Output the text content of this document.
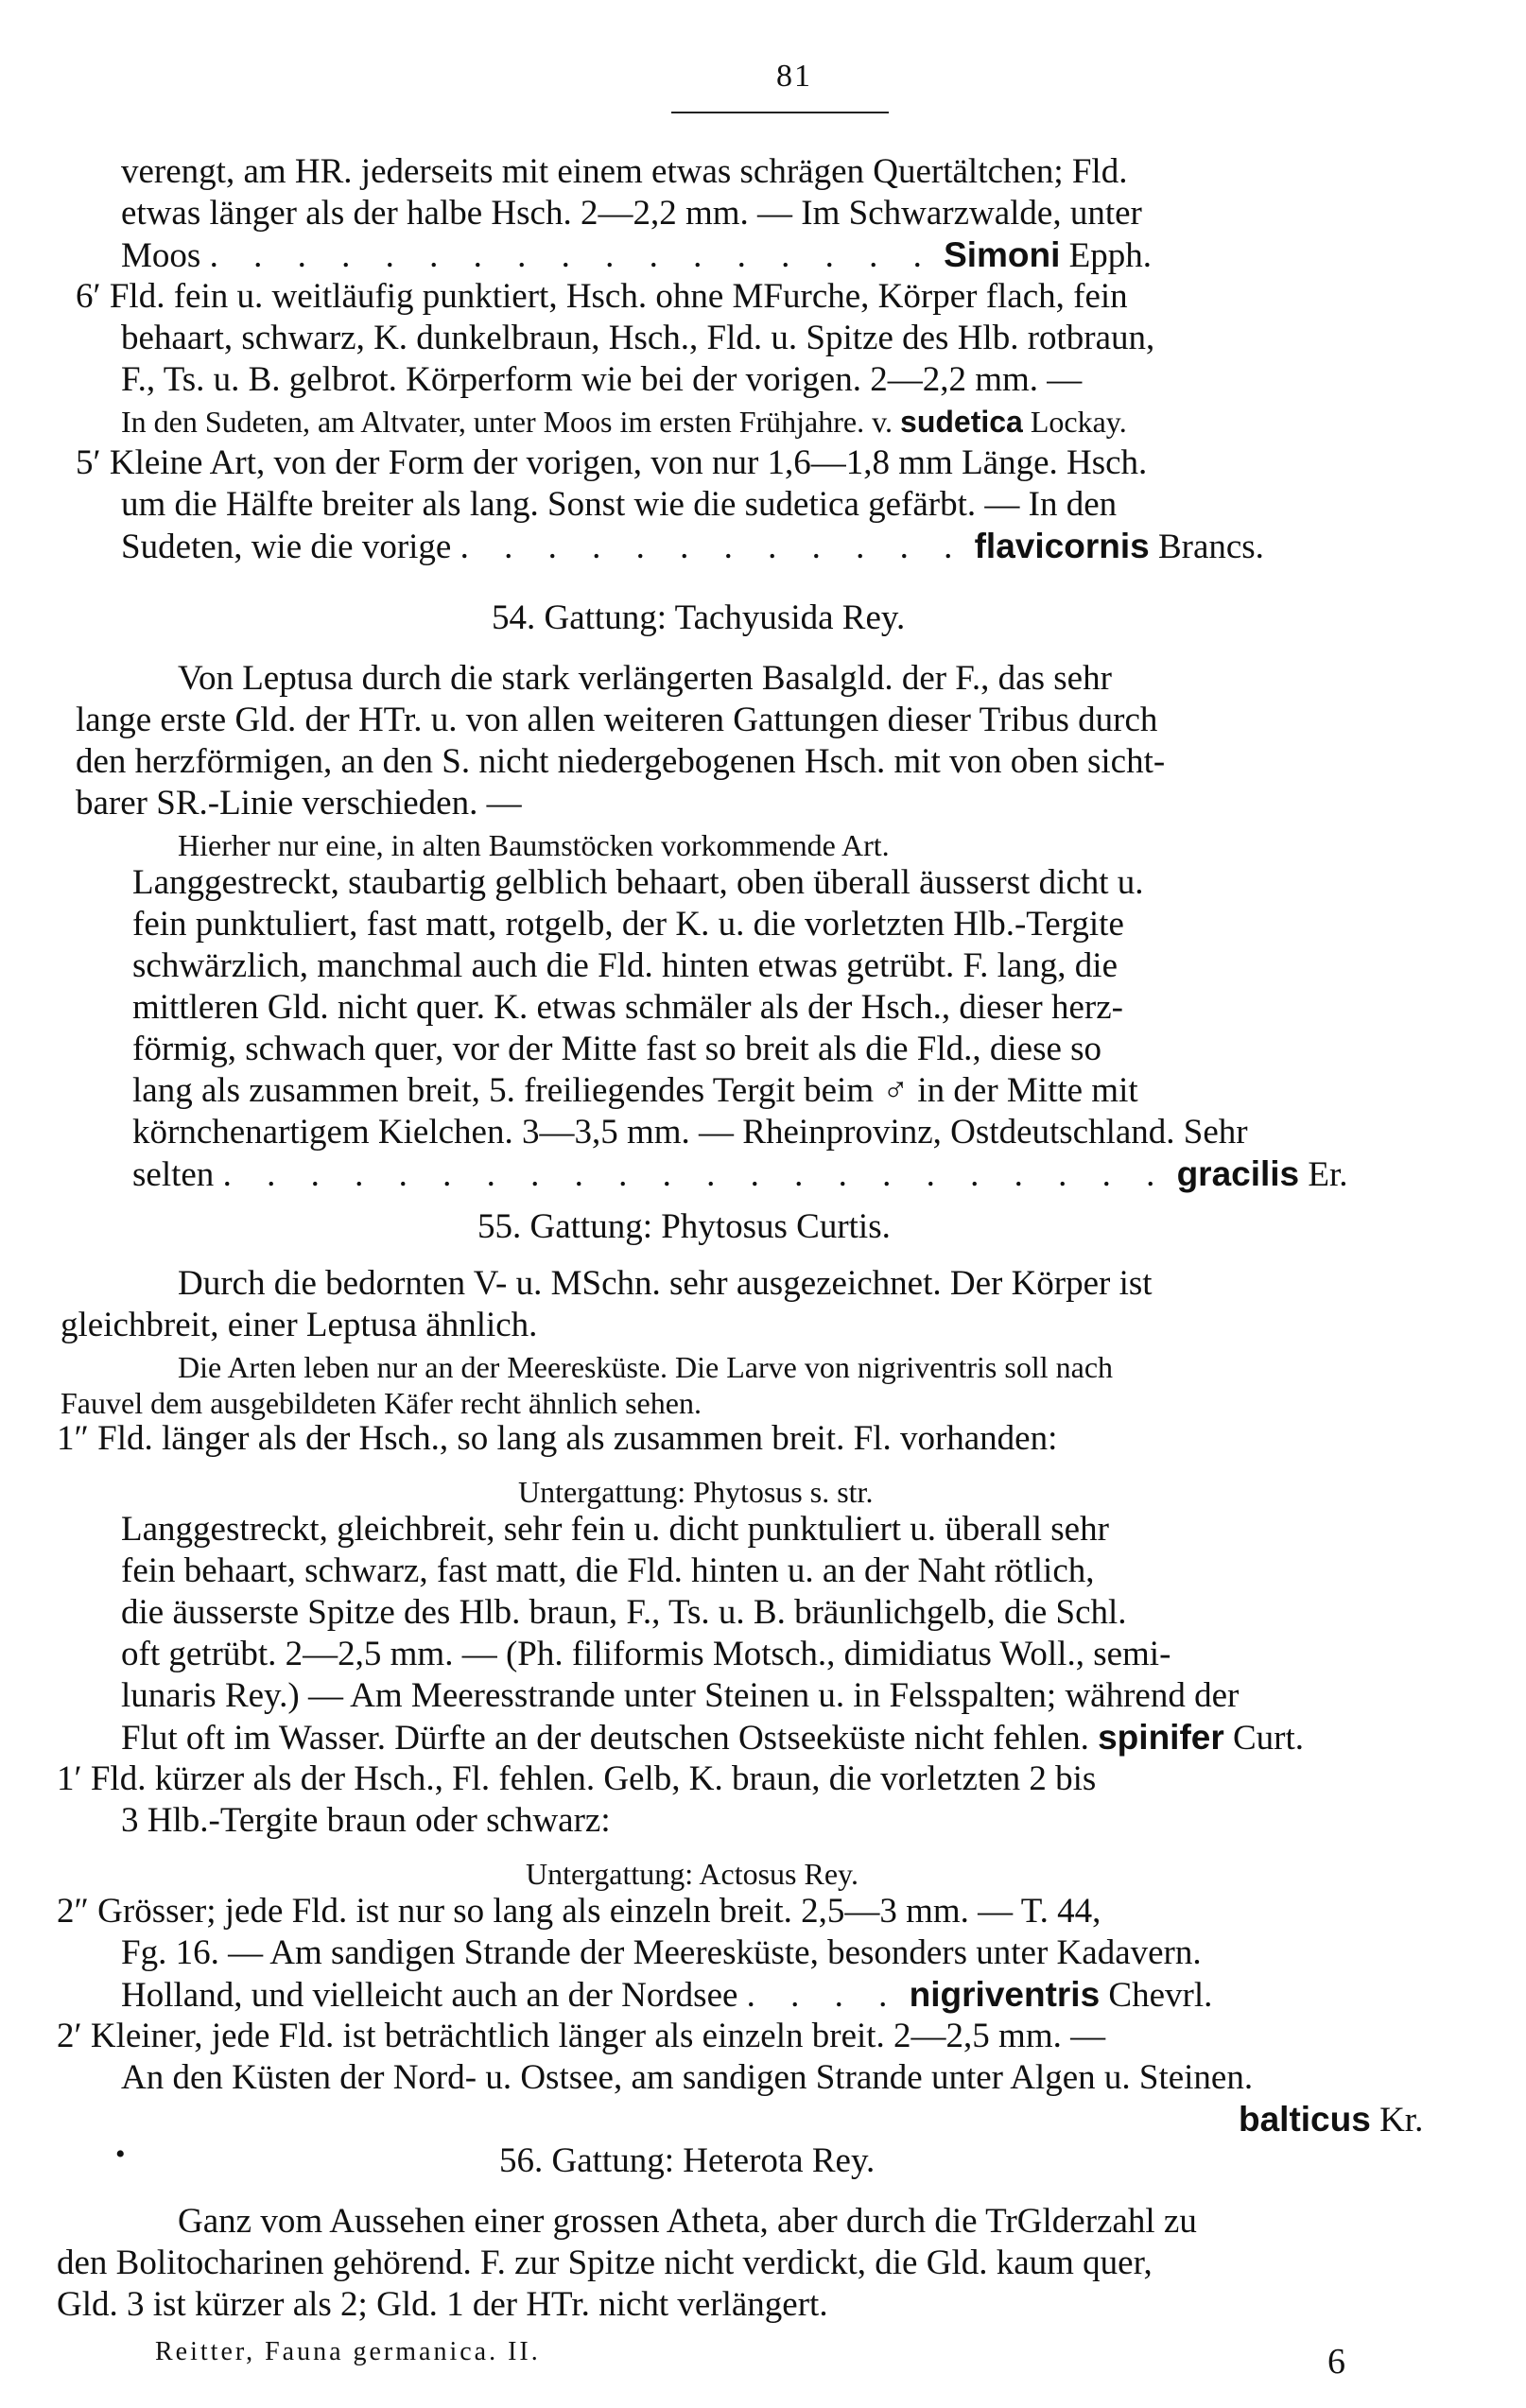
81
verengt, am HR. jederseits mit einem etwas schrägen Quertältchen; Fld.
etwas länger als der halbe Hsch. 2—2,2 mm. — Im Schwarzwalde, unter
Moos . . . . . . . . . . . . . . . . . Simoni Epph.
6′ Fld. fein u. weitläufig punktiert, Hsch. ohne MFurche, Körper flach, fein
behaart, schwarz, K. dunkelbraun, Hsch., Fld. u. Spitze des Hlb. rotbraun,
F., Ts. u. B. gelbrot. Körperform wie bei der vorigen. 2—2,2 mm. —
In den Sudeten, am Altvater, unter Moos im ersten Frühjahre. v. sudetica Lockay.
5′ Kleine Art, von der Form der vorigen, von nur 1,6—1,8 mm Länge. Hsch.
um die Hälfte breiter als lang. Sonst wie die sudetica gefärbt. — In den
Sudeten, wie die vorige . . . . . . . . . . . . flavicornis Brancs.
54. Gattung: Tachyusida Rey.
Von Leptusa durch die stark verlängerten Basalgld. der F., das sehr
lange erste Gld. der HTr. u. von allen weiteren Gattungen dieser Tribus durch
den herzförmigen, an den S. nicht niedergebogenen Hsch. mit von oben sicht-
barer SR.-Linie verschieden. —
Hierher nur eine, in alten Baumstöcken vorkommende Art.
Langgestreckt, staubartig gelblich behaart, oben überall äusserst dicht u.
fein punktuliert, fast matt, rotgelb, der K. u. die vorletzten Hlb.-Tergite
schwärzlich, manchmal auch die Fld. hinten etwas getrübt. F. lang, die
mittleren Gld. nicht quer. K. etwas schmäler als der Hsch., dieser herz-
förmig, schwach quer, vor der Mitte fast so breit als die Fld., diese so
lang als zusammen breit, 5. freiliegendes Tergit beim ♂ in der Mitte mit
körnchenartigem Kielchen. 3—3,5 mm. — Rheinprovinz, Ostdeutschland. Sehr
selten . . . . . . . . . . . . . . . . . . . . . . gracilis Er.
55. Gattung: Phytosus Curtis.
Durch die bedornten V- u. MSchn. sehr ausgezeichnet. Der Körper ist
gleichbreit, einer Leptusa ähnlich.
Die Arten leben nur an der Meeresküste. Die Larve von nigriventris soll nach
Fauvel dem ausgebildeten Käfer recht ähnlich sehen.
1″ Fld. länger als der Hsch., so lang als zusammen breit. Fl. vorhanden:
Untergattung: Phytosus s. str.
Langgestreckt, gleichbreit, sehr fein u. dicht punktuliert u. überall sehr
fein behaart, schwarz, fast matt, die Fld. hinten u. an der Naht rötlich,
die äusserste Spitze des Hlb. braun, F., Ts. u. B. bräunlichgelb, die Schl.
oft getrübt. 2—2,5 mm. — (Ph. filiformis Motsch., dimidiatus Woll., semi-
lunaris Rey.) — Am Meeresstrande unter Steinen u. in Felsspalten; während der
Flut oft im Wasser. Dürfte an der deutschen Ostseeküste nicht fehlen. spinifer Curt.
1′ Fld. kürzer als der Hsch., Fl. fehlen. Gelb, K. braun, die vorletzten 2 bis
3 Hlb.-Tergite braun oder schwarz:
Untergattung: Actosus Rey.
2″ Grösser; jede Fld. ist nur so lang als einzeln breit. 2,5—3 mm. — T. 44,
Fg. 16. — Am sandigen Strande der Meeresküste, besonders unter Kadavern.
Holland, und vielleicht auch an der Nordsee . . . . nigriventris Chevrl.
2′ Kleiner, jede Fld. ist beträchtlich länger als einzeln breit. 2—2,5 mm. —
An den Küsten der Nord- u. Ostsee, am sandigen Strande unter Algen u. Steinen.
balticus Kr.
•	56. Gattung: Heterota Rey.
Ganz vom Aussehen einer grossen Atheta, aber durch die TrGlderzahl zu
den Bolitocharinen gehörend. F. zur Spitze nicht verdickt, die Gld. kaum quer,
Gld. 3 ist kürzer als 2; Gld. 1 der HTr. nicht verlängert.
Reitter, Fauna germanica. II.	6
